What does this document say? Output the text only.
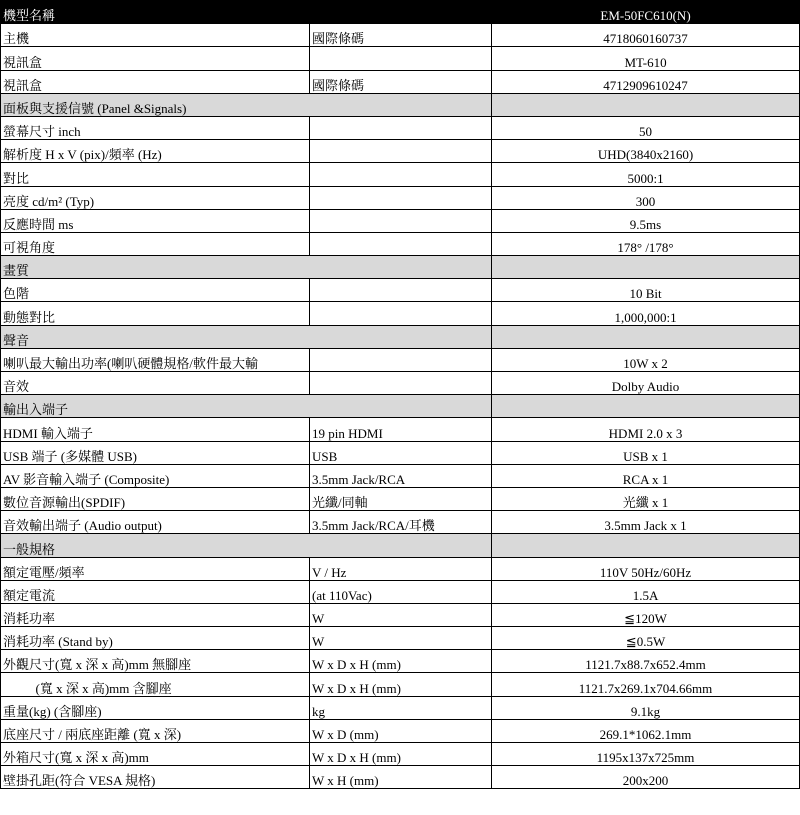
機型名稱		EM-50FC610(N)
主機	國際條碼	4718060160737
視訊盒		MT-610
視訊盒	國際條碼	4712909610247
面板與支援信號 (Panel &Signals)		
螢幕尺寸 inch		50
解析度 H x V (pix)/頻率 (Hz)		UHD(3840x2160)
對比		5000:1
亮度 cd/m² (Typ)		300
反應時間 ms		9.5ms
可視角度		178° /178°
畫質		
色階		10 Bit
動態對比		1,000,000:1
聲音		
喇叭最大輸出功率(喇叭硬體規格/軟件最大輸		10W x 2
音效		Dolby Audio
輸出入端子		
HDMI 輸入端子	19 pin HDMI	HDMI 2.0 x 3
USB 端子 (多媒體 USB)	USB	USB x 1
AV 影音輸入端子 (Composite)	3.5mm Jack/RCA	RCA x 1
數位音源輸出(SPDIF)	光纖/同軸	光纖 x 1
音效輸出端子 (Audio output)	3.5mm Jack/RCA/耳機	3.5mm Jack x 1
一般規格		
額定電壓/頻率	V / Hz	110V 50Hz/60Hz
額定電流	(at 110Vac)	1.5A
消耗功率	W	≦120W
消耗功率 (Stand by)	W	≦0.5W
外觀尺寸(寬 x 深 x 高)mm 無腳座	W x D x H (mm)	1121.7x88.7x652.4mm
(寬 x 深 x 高)mm 含腳座	W x D x H (mm)	1121.7x269.1x704.66mm
重量(kg) (含腳座)	kg	9.1kg
底座尺寸 / 兩底座距離 (寬 x 深)	W x D (mm)	269.1*1062.1mm
外箱尺寸(寬 x 深 x 高)mm	W x D x H (mm)	1195x137x725mm
壁掛孔距(符合 VESA 規格)	W x H (mm)	200x200
